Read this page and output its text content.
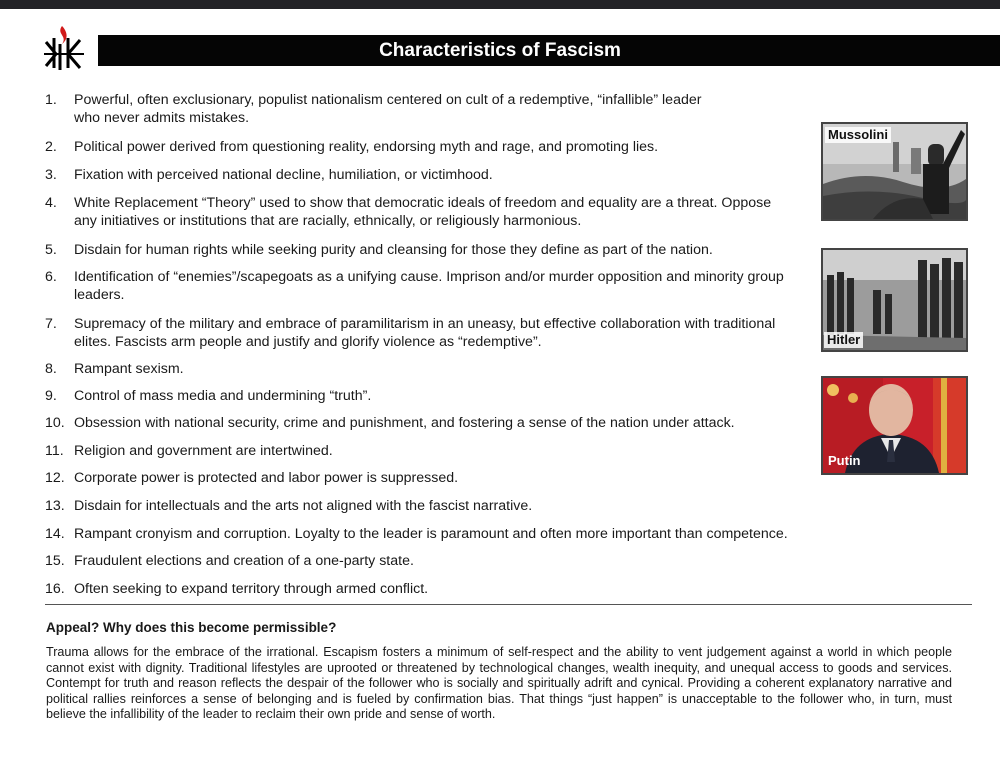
Characteristics of Fascism
1.	Powerful, often exclusionary, populist nationalism centered on cult of a redemptive, “infallible” leader who never admits mistakes.
2.	Political power derived from questioning reality, endorsing myth and rage, and promoting lies.
3.	Fixation with perceived national decline, humiliation, or victimhood.
4.	White Replacement “Theory” used to show that democratic ideals of freedom and equality are a threat. Oppose any initiatives or institutions that are racially, ethnically, or religiously harmonious.
5.	Disdain for human rights while seeking purity and cleansing for those they define as part of the nation.
6.	Identification of “enemies”/scapegoats as a unifying cause. Imprison and/or murder opposition and minority group leaders.
7.	Supremacy of the military and embrace of paramilitarism in an uneasy, but effective collaboration with traditional elites. Fascists arm people and justify and glorify violence as “redemptive”.
8.	Rampant sexism.
9.	Control of mass media and undermining “truth”.
10. Obsession with national security, crime and punishment, and fostering a sense of the nation under attack.
11. Religion and government are intertwined.
12. Corporate power is protected and labor power is suppressed.
13. Disdain for intellectuals and the arts not aligned with the fascist narrative.
14. Rampant cronyism and corruption. Loyalty to the leader is paramount and often more important than competence.
15. Fraudulent elections and creation of a one-party state.
16. Often seeking to expand territory through armed conflict.
Mussolini
Hitler
Putin
Appeal? Why does this become permissible?
Trauma allows for the embrace of the irrational. Escapism fosters a minimum of self-respect and the ability to vent judgement against a world in which people cannot exist with dignity. Traditional lifestyles are uprooted or threatened by technological changes, wealth inequity, and unequal access to goods and services. Contempt for truth and reason reflects the despair of the follower who is socially and spiritually adrift and cynical. Providing a coherent explanatory narrative and political rallies reinforces a sense of belonging and is fueled by confirmation bias. That things “just happen” is unacceptable to the follower who, in turn, must believe the infallibility of the leader to reclaim their own pride and sense of worth.
